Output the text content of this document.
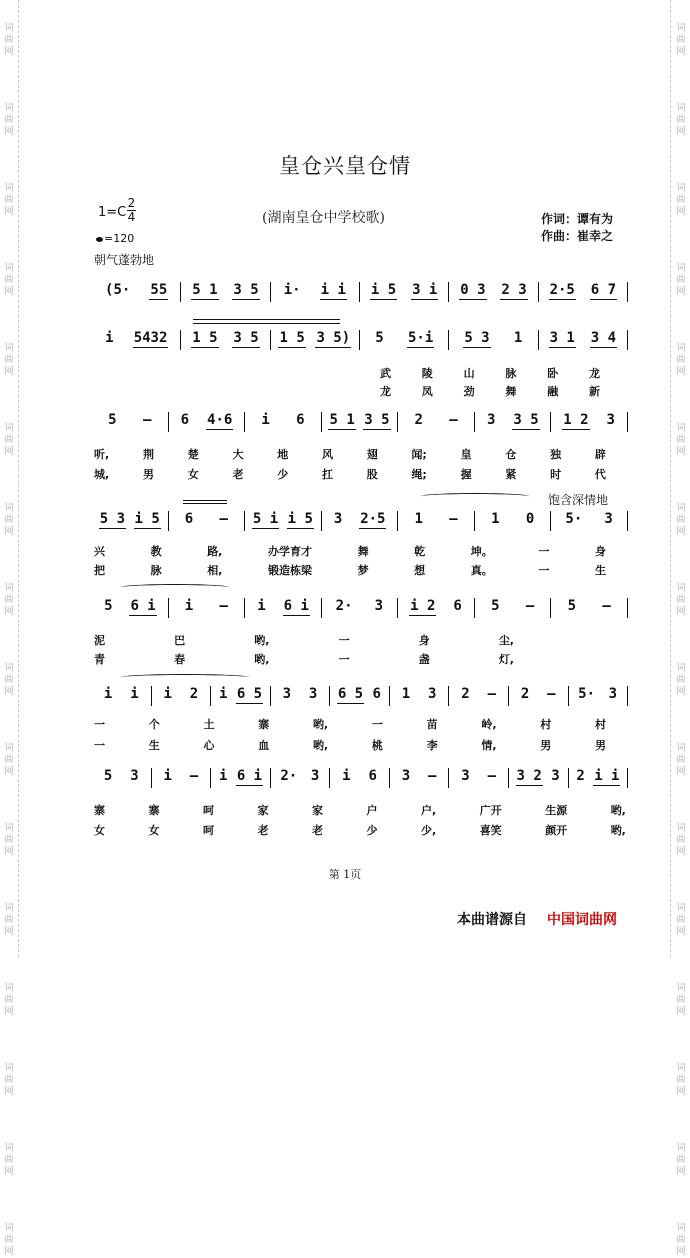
词
曲
网
词
曲
网
词
曲
网
词
曲
网
词
曲
网
词
曲
网
词
曲
网
词
曲
网
词
曲
网
词
曲
网
词
曲
网
词
曲
网
词
曲
网
词
曲
网
词
曲
网
词
曲
网
词
曲
网
词
曲
网
词
曲
网
词
曲
网
词
曲
网
词
曲
网
词
曲
网
词
曲
网
词
曲
网
词
曲
网
词
曲
网
词
曲
网
词
曲
网
词
曲
网
词
曲
网
词
曲
网
皇仓兴皇仓情
(湖南皇仓中学校歌)
1=C
2
4
=120
作词：谭有为
作曲：崔幸之
朝气蓬勃地
饱含深情地
(5· 55 5 1 3 5 i· i i i 5 3 i 0 3 2 3 2·5 6 7
i 5432 1 5 3 5 1 5 3 5) 5 5·i 5 3 1 3 1 3 4
5 – 6 4·6 i 6 5 1 3 5 2 – 3 3 5 1 2 3
5 3 i 5 6 – 5 i i 5 3 2·5 1 – 1 0 5· 3
5 6 i i – i 6 i 2· 3 i 2 6 5 – 5 –
i i i 2 i 6 5 3 3 6 5 6 1 3 2 – 2 – 5· 3
5 3 i – i 6 i 2· 3 i 6 3 – 3 – 3 2 3 2 i i
武	陵	山	脉	卧	龙
龙	凤	劲	舞	融	新
听,	荆	楚	大	地	风	翅	闻;	皇	仓	独	辟
城,	男	女	老	少	扛	股	绳;	握	紧	时	代
兴	教	路,	办学育才	舞	乾	坤。	一	身
把	脉	相,	锻造栋梁	梦	想	真。	一	生
泥	巴	哟,	一	身	尘,
青	春	哟,	一	盏	灯,
一	个	土	寨	哟,	一	苗	岭,	村	村
一	生	心	血	哟,	桃	李	情,	男	男
寨	寨	呵	家	家	户	户,	广开	生源	哟,
女	女	呵	老	老	少	少,	喜笑	颜开	哟,
第 1页
本曲谱源自 中国词曲网
